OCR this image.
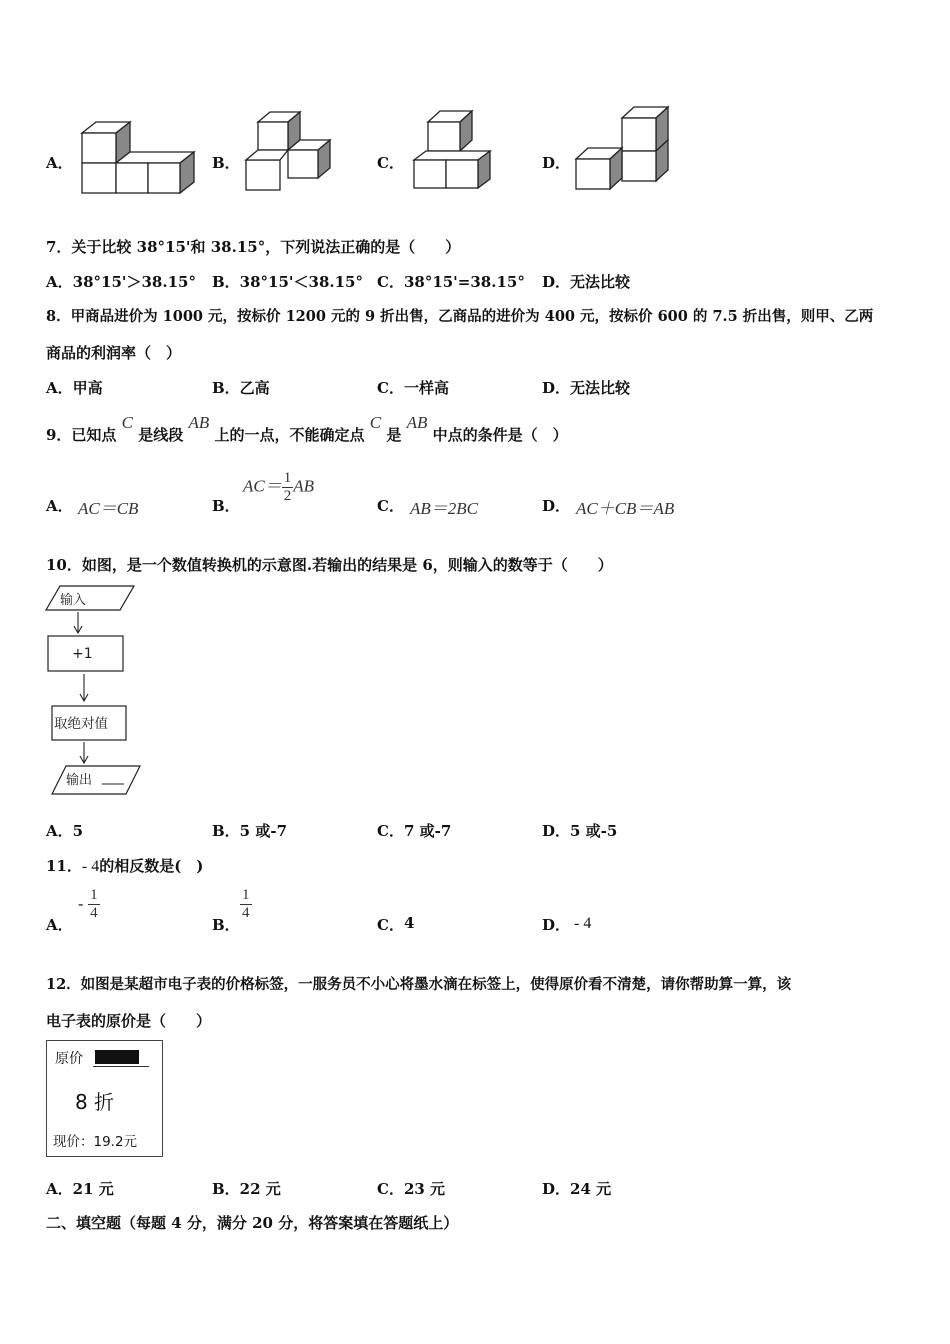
A．	B．	C．	D．
7．关于比较 38°15'和 38.15°，下列说法正确的是（　　）
A．38°15'＞38.15° B．38°15'＜38.15° C．38°15'=38.15° D．无法比较
8．甲商品进价为 1000 元，按标价 1200 元的 9 折出售，乙商品的进价为 400 元，按标价 600 的 7.5 折出售，则甲、乙两
商品的利润率（　）
A．甲高	B．乙高	C．一样高	D．无法比较
9．已知点 C 是线段 AB 上的一点，不能确定点 C 是 AB 中点的条件是（　）
A． AC＝CB	B．
$AC= \frac{1}{2}$ AB
C． AB＝2BC	D． AC＋CB＝AB
10．如图，是一个数值转换机的示意图.若输出的结果是 6，则输入的数等于（　　）
输入
+1
取绝对值
输出
A．5	B．5 或-7	C．7 或-7	D．5 或-5
11．- 4的相反数是(　)
A．
- $\frac{1}{4}$
B．
$\frac{1}{4}$
C． 4	D． - 4
12．如图是某超市电子表的价格标签，一服务员不小心将墨水滴在标签上，使得原价看不清楚，请你帮助算一算，该
电子表的原价是（　　）
原价
8 折
现价：19.2元
A．21 元	B．22 元	C．23 元	D．24 元
二、填空题（每题 4 分，满分 20 分，将答案填在答题纸上）
